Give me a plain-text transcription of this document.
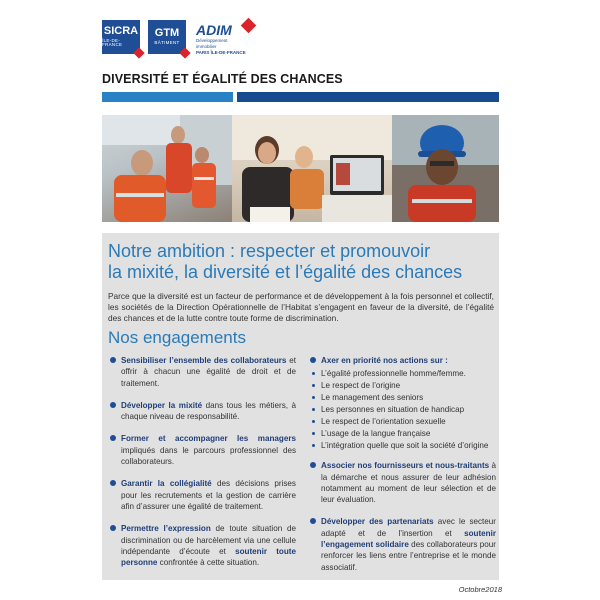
SICRA
ÎLE-DE-FRANCE
GTM
BÂTIMENT
ADIM
Développement
immobilier
PARIS ÎLE-DE-FRANCE
DIVERSITÉ ET ÉGALITÉ DES CHANCES
Notre ambition : respecter et promouvoir
la mixité, la diversité et l’égalité des chances
Parce que la diversité est un facteur de performance et de développement à la fois personnel et collectif, les sociétés de la Direction Opérationnelle de l’Habitat s’engagent en faveur de la diversité, de l’égalité des chances et de la lutte contre toute forme de discrimination.
Nos engagements
Sensibiliser l’ensemble des collaborateurs et offrir à chacun une égalité de droit et de traitement.
Développer la mixité dans tous les métiers, à chaque niveau de responsabilité.
Former et accompagner les managers impliqués dans le parcours professionnel des collaborateurs.
Garantir la collégialité des décisions prises pour les recrutements et la gestion de carrière afin d’assurer une égalité de traitement.
Permettre l’expression de toute situation de discrimination ou de harcèlement via une cellule indépendante d’écoute et soutenir toute personne confrontée à cette situation.
Axer en priorité nos actions sur :
L’égalité professionnelle homme/femme.
Le respect de l’origine
Le management des seniors
Les personnes en situation de handicap
Le respect de l’orientation sexuelle
L’usage de la langue française
L’intégration quelle que soit la société d’origine
Associer nos fournisseurs et nous-traitants à la démarche et nous assurer de leur adhésion notamment au moment de leur sélection et de leur évaluation.
Développer des partenariats avec le secteur adapté et de l’insertion et soutenir l’engagement solidaire des collaborateurs pour renforcer les liens entre l’entreprise et le monde associatif.
Octobre2018
